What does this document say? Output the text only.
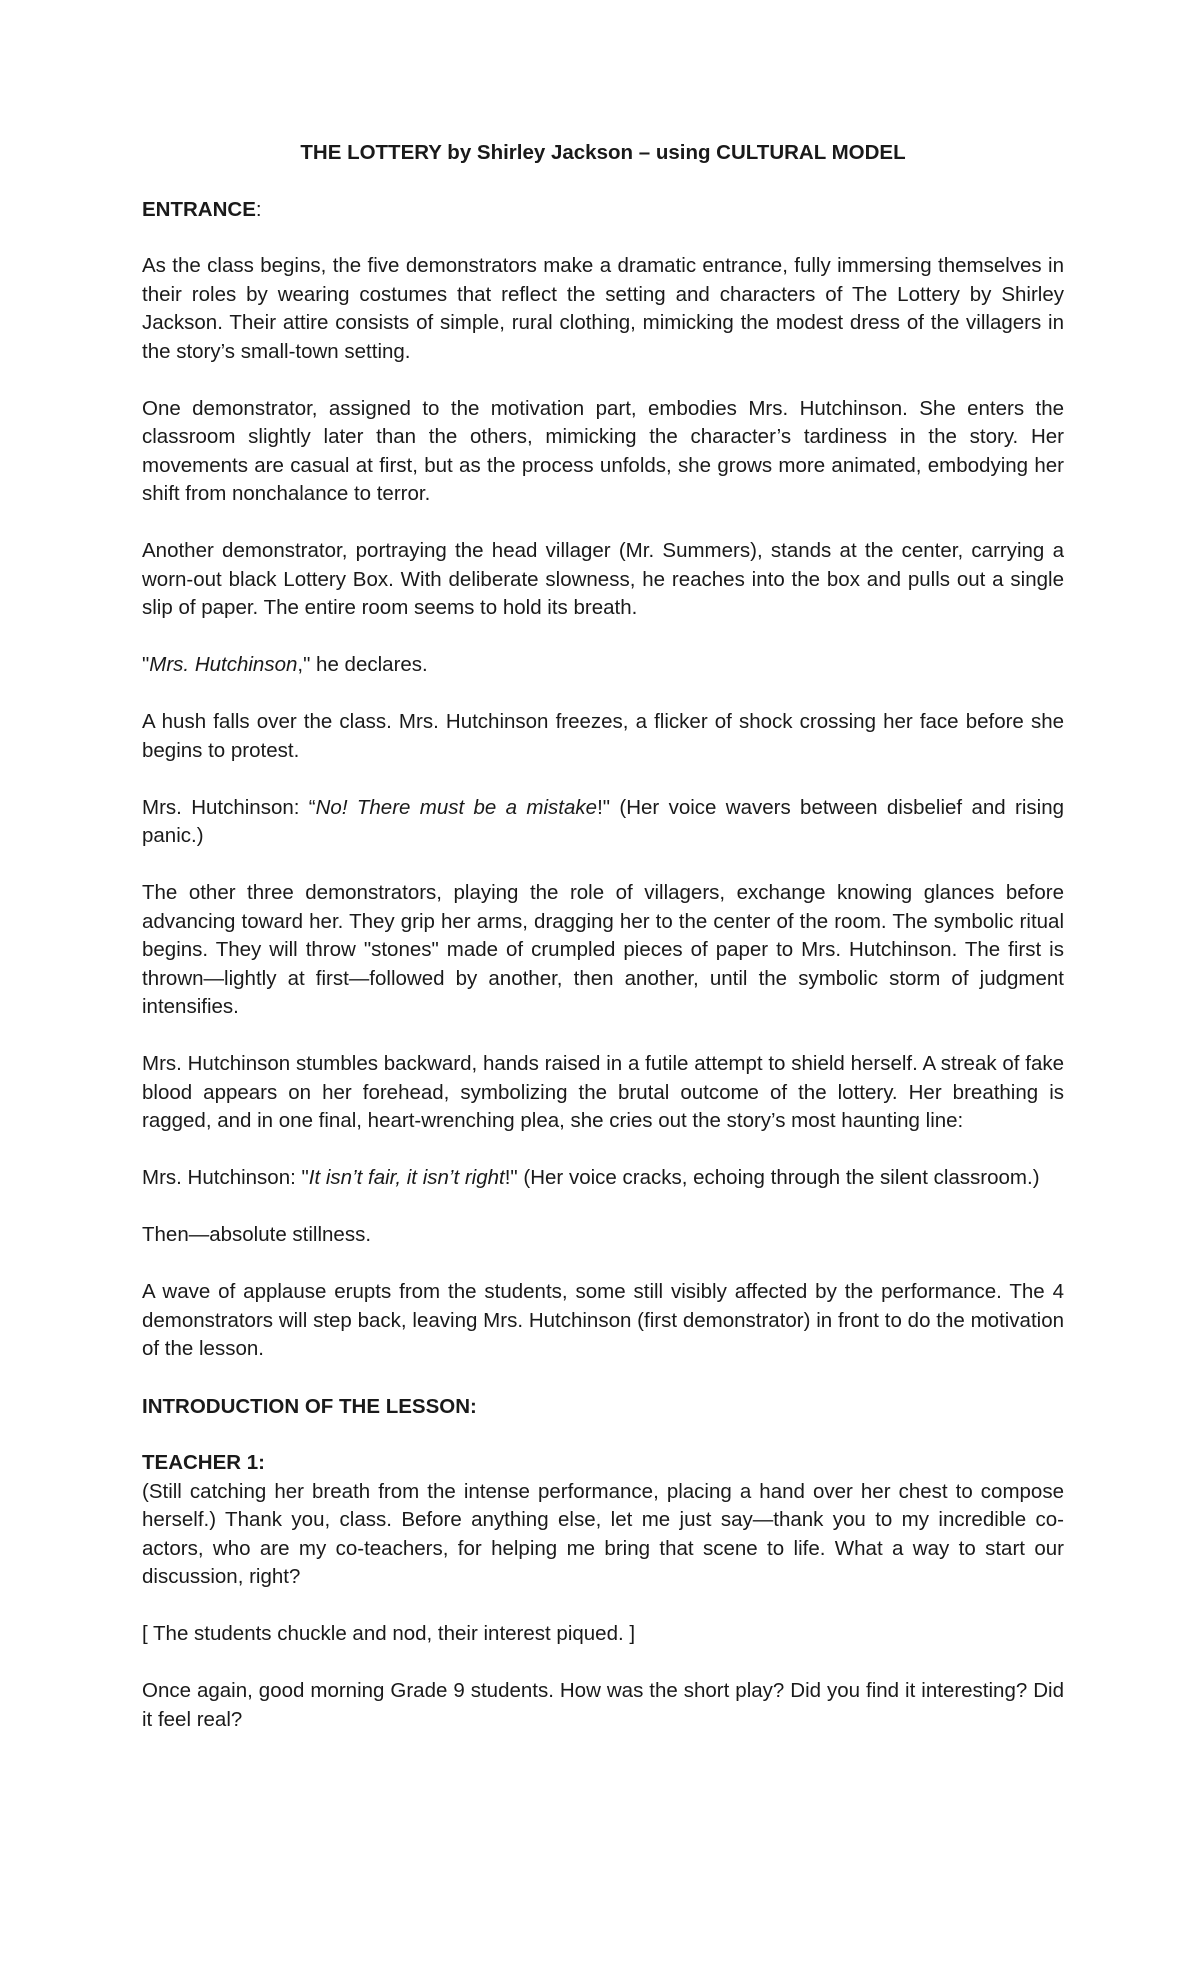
THE LOTTERY by Shirley Jackson – using CULTURAL MODEL
ENTRANCE:

As the class begins, the five demonstrators make a dramatic entrance, fully immersing themselves in their roles by wearing costumes that reflect the setting and characters of The Lottery by Shirley Jackson. Their attire consists of simple, rural clothing, mimicking the modest dress of the villagers in the story’s small-town setting.

One demonstrator, assigned to the motivation part, embodies Mrs. Hutchinson. She enters the classroom slightly later than the others, mimicking the character’s tardiness in the story. Her movements are casual at first, but as the process unfolds, she grows more animated, embodying her shift from nonchalance to terror.

Another demonstrator, portraying the head villager (Mr. Summers), stands at the center, carrying a worn-out black Lottery Box. With deliberate slowness, he reaches into the box and pulls out a single slip of paper. The entire room seems to hold its breath.

"Mrs. Hutchinson," he declares.

A hush falls over the class. Mrs. Hutchinson freezes, a flicker of shock crossing her face before she begins to protest.

Mrs. Hutchinson: “No! There must be a mistake!" (Her voice wavers between disbelief and rising panic.)

The other three demonstrators, playing the role of villagers, exchange knowing glances before advancing toward her. They grip her arms, dragging her to the center of the room. The symbolic ritual begins. They will throw "stones" made of crumpled pieces of paper to Mrs. Hutchinson. The first is thrown—lightly at first—followed by another, then another, until the symbolic storm of judgment intensifies.

Mrs. Hutchinson stumbles backward, hands raised in a futile attempt to shield herself. A streak of fake blood appears on her forehead, symbolizing the brutal outcome of the lottery. Her breathing is ragged, and in one final, heart-wrenching plea, she cries out the story’s most haunting line:

Mrs. Hutchinson: "It isn’t fair, it isn’t right!" (Her voice cracks, echoing through the silent classroom.)

Then—absolute stillness.

A wave of applause erupts from the students, some still visibly affected by the performance. The 4 demonstrators will step back, leaving Mrs. Hutchinson (first demonstrator) in front to do the motivation of the lesson.

INTRODUCTION OF THE LESSON:
TEACHER 1:

(Still catching her breath from the intense performance, placing a hand over her chest to compose herself.) Thank you, class. Before anything else, let me just say—thank you to my incredible co-actors, who are my co-teachers, for helping me bring that scene to life. What a way to start our discussion, right?

[ The students chuckle and nod, their interest piqued. ]

Once again, good morning Grade 9 students. How was the short play? Did you find it interesting? Did it feel real?
